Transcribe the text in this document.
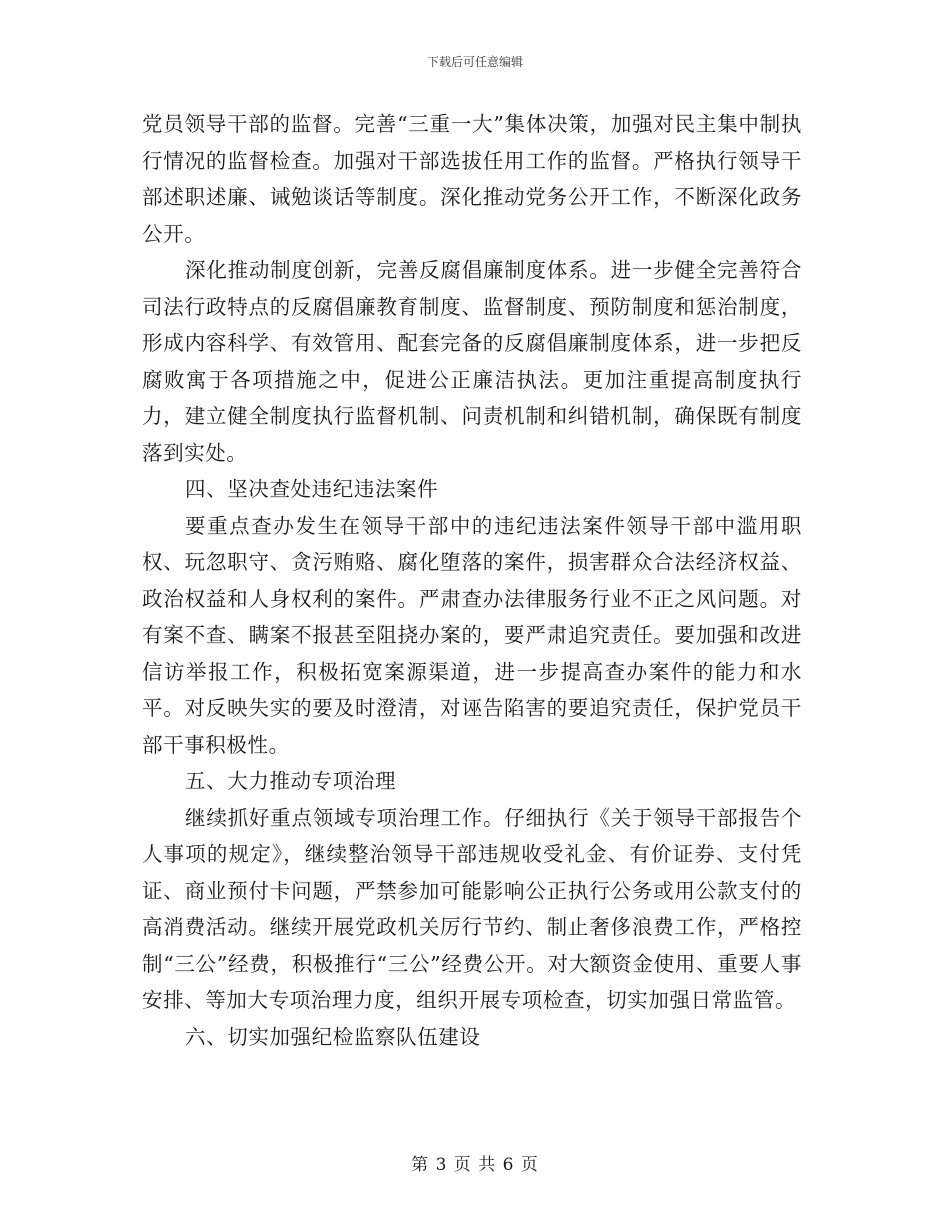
下载后可任意编辑

党员领导干部的监督。完善“三重一大”集体决策，加强对民主集中制执行情况的监督检查。加强对干部选拔任用工作的监督。严格执行领导干部述职述廉、诫勉谈话等制度。深化推动党务公开工作，不断深化政务公开。

深化推动制度创新，完善反腐倡廉制度体系。进一步健全完善符合司法行政特点的反腐倡廉教育制度、监督制度、预防制度和惩治制度，形成内容科学、有效管用、配套完备的反腐倡廉制度体系，进一步把反腐败寓于各项措施之中，促进公正廉洁执法。更加注重提高制度执行力，建立健全制度执行监督机制、问责机制和纠错机制，确保既有制度落到实处。

四、坚决查处违纪违法案件

要重点查办发生在领导干部中的违纪违法案件领导干部中滥用职权、玩忽职守、贪污贿赂、腐化堕落的案件，损害群众合法经济权益、政治权益和人身权利的案件。严肃查办法律服务行业不正之风问题。对有案不查、瞒案不报甚至阻挠办案的，要严肃追究责任。要加强和改进信访举报工作，积极拓宽案源渠道，进一步提高查办案件的能力和水平。对反映失实的要及时澄清，对诬告陷害的要追究责任，保护党员干部干事积极性。

五、大力推动专项治理

继续抓好重点领域专项治理工作。仔细执行《关于领导干部报告个人事项的规定》，继续整治领导干部违规收受礼金、有价证券、支付凭证、商业预付卡问题，严禁参加可能影响公正执行公务或用公款支付的高消费活动。继续开展党政机关厉行节约、制止奢侈浪费工作，严格控制“三公”经费，积极推行“三公”经费公开。对大额资金使用、重要人事安排、等加大专项治理力度，组织开展专项检查，切实加强日常监管。

六、切实加强纪检监察队伍建设

第 3 页 共 6 页
